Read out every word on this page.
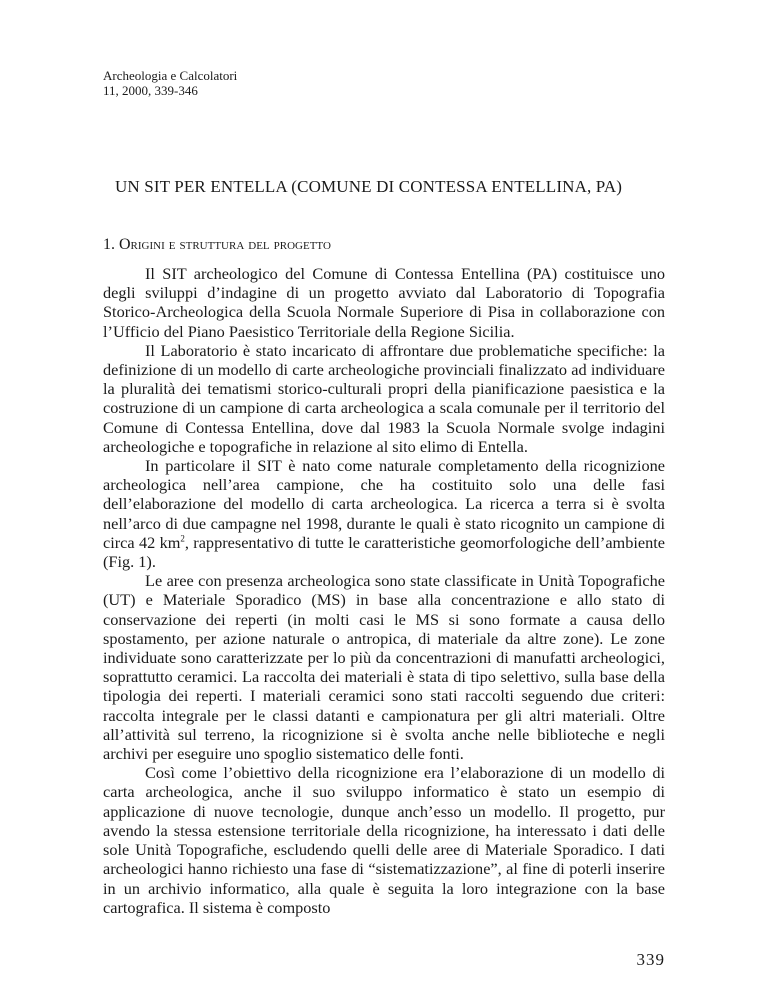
Archeologia e Calcolatori
11, 2000, 339-346
UN SIT PER ENTELLA (COMUNE DI CONTESSA ENTELLINA, PA)
1. Origini e struttura del progetto

Il SIT archeologico del Comune di Contessa Entellina (PA) costituisce uno degli sviluppi d’indagine di un progetto avviato dal Laboratorio di Topografia Storico-Archeologica della Scuola Normale Superiore di Pisa in collaborazione con l’Ufficio del Piano Paesistico Territoriale della Regione Sicilia.

Il Laboratorio è stato incaricato di affrontare due problematiche specifiche: la definizione di un modello di carte archeologiche provinciali finalizzato ad individuare la pluralità dei tematismi storico-culturali propri della pianificazione paesistica e la costruzione di un campione di carta archeologica a scala comunale per il territorio del Comune di Contessa Entellina, dove dal 1983 la Scuola Normale svolge indagini archeologiche e topografiche in relazione al sito elimo di Entella.

In particolare il SIT è nato come naturale completamento della ricognizione archeologica nell’area campione, che ha costituito solo una delle fasi dell’elaborazione del modello di carta archeologica. La ricerca a terra si è svolta nell’arco di due campagne nel 1998, durante le quali è stato ricognito un campione di circa 42 $km^2$, rappresentativo di tutte le caratteristiche geomorfologiche dell’ambiente (Fig. 1).

Le aree con presenza archeologica sono state classificate in Unità Topografiche (UT) e Materiale Sporadico (MS) in base alla concentrazione e allo stato di conservazione dei reperti (in molti casi le MS si sono formate a causa dello spostamento, per azione naturale o antropica, di materiale da altre zone). Le zone individuate sono caratterizzate per lo più da concentrazioni di manufatti archeologici, soprattutto ceramici. La raccolta dei materiali è stata di tipo selettivo, sulla base della tipologia dei reperti. I materiali ceramici sono stati raccolti seguendo due criteri: raccolta integrale per le classi datanti e campionatura per gli altri materiali. Oltre all’attività sul terreno, la ricognizione si è svolta anche nelle biblioteche e negli archivi per eseguire uno spoglio sistematico delle fonti.

Così come l’obiettivo della ricognizione era l’elaborazione di un modello di carta archeologica, anche il suo sviluppo informatico è stato un esempio di applicazione di nuove tecnologie, dunque anch’esso un modello. Il progetto, pur avendo la stessa estensione territoriale della ricognizione, ha interessato i dati delle sole Unità Topografiche, escludendo quelli delle aree di Materiale Sporadico. I dati archeologici hanno richiesto una fase di “sistematizzazione”, al fine di poterli inserire in un archivio informatico, alla quale è seguita la loro integrazione con la base cartografica. Il sistema è composto

339
